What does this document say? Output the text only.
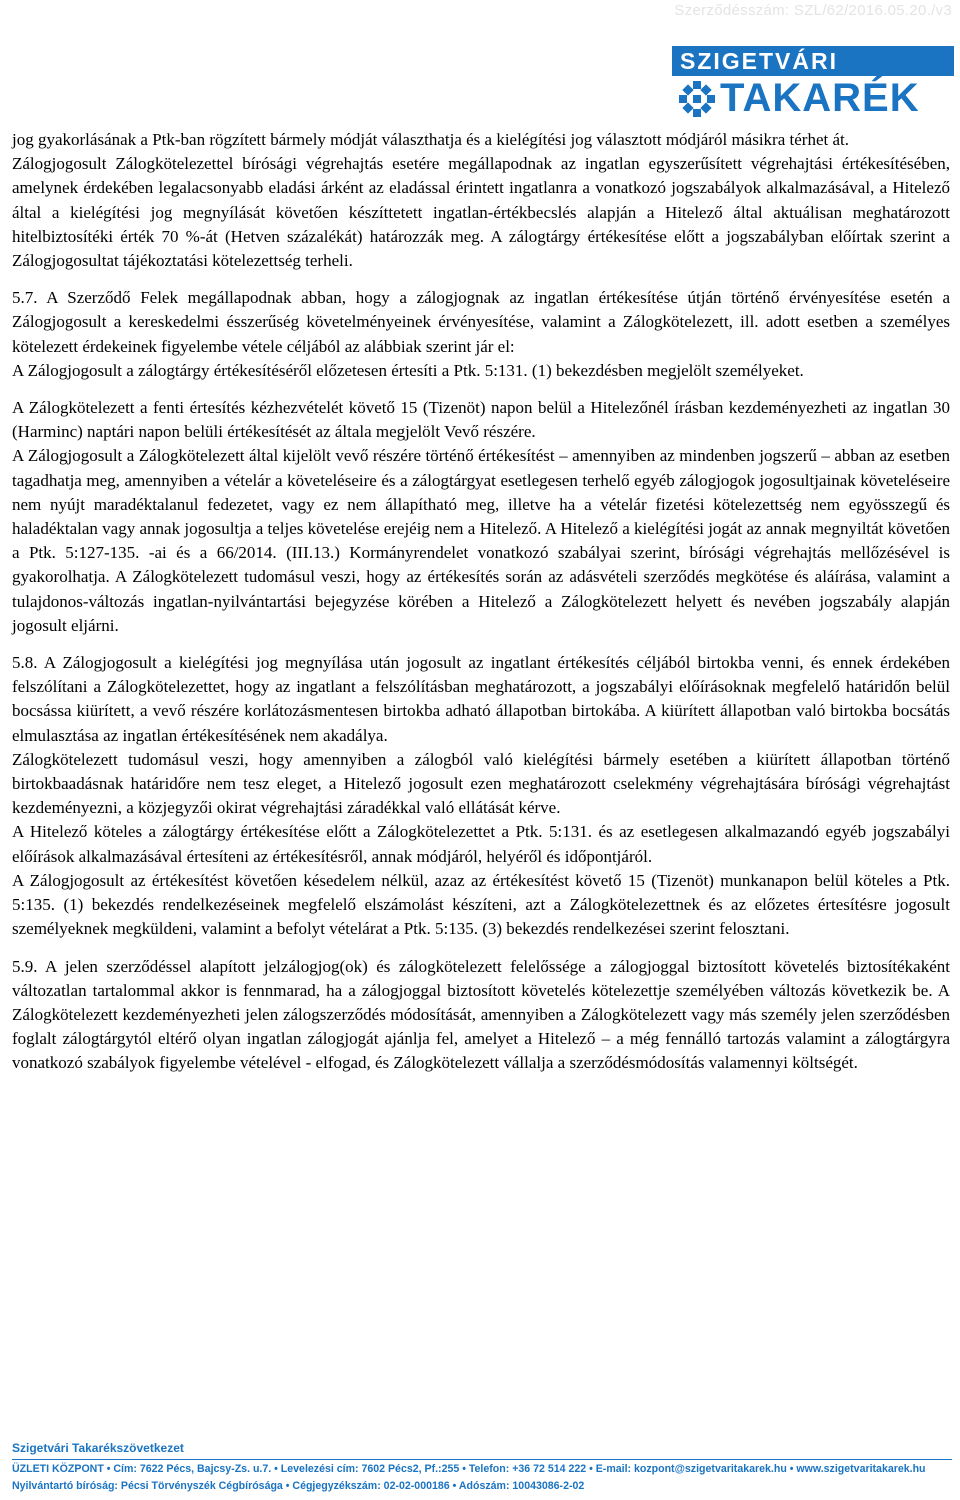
Szerződésszám: SZL/62/2016.05.20./v3
SZIGETVÁRI
TAKARÉK

jog gyakorlásának a Ptk-ban rögzített bármely módját választhatja és a kielégítési jog választott módjáról másikra térhet át.

Zálogjogosult Zálogkötelezettel bírósági végrehajtás esetére megállapodnak az ingatlan egyszerűsített végrehajtási értékesítésében, amelynek érdekében legalacsonyabb eladási árként az eladással érintett ingatlanra a vonatkozó jogszabályok alkalmazásával, a Hitelező által a kielégítési jog megnyílását követően készíttetett ingatlan-értékbecslés alapján a Hitelező által aktuálisan meghatározott hitelbiztosítéki érték 70 %-át (Hetven százalékát) határozzák meg. A zálogtárgy értékesítése előtt a jogszabályban előírtak szerint a Zálogjogosultat tájékoztatási kötelezettség terheli.

5.7. A Szerződő Felek megállapodnak abban, hogy a zálogjognak az ingatlan értékesítése útján történő érvényesítése esetén a Zálogjogosult a kereskedelmi ésszerűség követelményeinek érvényesítése, valamint a Zálogkötelezett, ill. adott esetben a személyes kötelezett érdekeinek figyelembe vétele céljából az alábbiak szerint jár el:

A Zálogjogosult a zálogtárgy értékesítéséről előzetesen értesíti a Ptk. 5:131. (1) bekezdésben megjelölt személyeket.

A Zálogkötelezett a fenti értesítés kézhezvételét követő 15 (Tizenöt) napon belül a Hitelezőnél írásban kezdeményezheti az ingatlan 30 (Harminc) naptári napon belüli értékesítését az általa megjelölt Vevő részére.

A Zálogjogosult a Zálogkötelezett által kijelölt vevő részére történő értékesítést – amennyiben az mindenben jogszerű – abban az esetben tagadhatja meg, amennyiben a vételár a követeléseire és a zálogtárgyat esetlegesen terhelő egyéb zálogjogok jogosultjainak követeléseire nem nyújt maradéktalanul fedezetet, vagy ez nem állapítható meg, illetve ha a vételár fizetési kötelezettség nem egyösszegű és haladéktalan vagy annak jogosultja a teljes követelése erejéig nem a Hitelező. A Hitelező a kielégítési jogát az annak megnyiltát követően a Ptk. 5:127-135. -ai és a 66/2014. (III.13.) Kormányrendelet vonatkozó szabályai szerint, bírósági végrehajtás mellőzésével is gyakorolhatja. A Zálogkötelezett tudomásul veszi, hogy az értékesítés során az adásvételi szerződés megkötése és aláírása, valamint a tulajdonos-változás ingatlan-nyilvántartási bejegyzése körében a Hitelező a Zálogkötelezett helyett és nevében jogszabály alapján jogosult eljárni.

5.8. A Zálogjogosult a kielégítési jog megnyílása után jogosult az ingatlant értékesítés céljából birtokba venni, és ennek érdekében felszólítani a Zálogkötelezettet, hogy az ingatlant a felszólításban meghatározott, a jogszabályi előírásoknak megfelelő határidőn belül bocsássa kiürített, a vevő részére korlátozásmentesen birtokba adható állapotban birtokába. A kiürített állapotban való birtokba bocsátás elmulasztása az ingatlan értékesítésének nem akadálya.

Zálogkötelezett tudomásul veszi, hogy amennyiben a zálogból való kielégítési bármely esetében a kiürített állapotban történő birtokbaadásnak határidőre nem tesz eleget, a Hitelező jogosult ezen meghatározott cselekmény végrehajtására bírósági végrehajtást kezdeményezni, a közjegyzői okirat végrehajtási záradékkal való ellátását kérve.

A Hitelező köteles a zálogtárgy értékesítése előtt a Zálogkötelezettet a Ptk. 5:131. és az esetlegesen alkalmazandó egyéb jogszabályi előírások alkalmazásával értesíteni az értékesítésről, annak módjáról, helyéről és időpontjáról.

A Zálogjogosult az értékesítést követően késedelem nélkül, azaz az értékesítést követő 15 (Tizenöt) munkanapon belül köteles a Ptk. 5:135. (1) bekezdés rendelkezéseinek megfelelő elszámolást készíteni, azt a Zálogkötelezettnek és az előzetes értesítésre jogosult személyeknek megküldeni, valamint a befolyt vételárat a Ptk. 5:135. (3) bekezdés rendelkezései szerint felosztani.

5.9. A jelen szerződéssel alapított jelzálogjog(ok) és zálogkötelezett felelőssége a zálogjoggal biztosított követelés biztosítékaként változatlan tartalommal akkor is fennmarad, ha a zálogjoggal biztosított követelés kötelezettje személyében változás következik be. A Zálogkötelezett kezdeményezheti jelen zálogszerződés módosítását, amennyiben a Zálogkötelezett vagy más személy jelen szerződésben foglalt zálogtárgytól eltérő olyan ingatlan zálogjogát ajánlja fel, amelyet a Hitelező – a még fennálló tartozás valamint a zálogtárgyra vonatkozó szabályok figyelembe vételével - elfogad, és Zálogkötelezett vállalja a szerződésmódosítás valamennyi költségét.

Szigetvári Takarékszövetkezet
ÜZLETI KÖZPONT • Cím: 7622 Pécs, Bajcsy-Zs. u.7. • Levelezési cím: 7602 Pécs2, Pf.:255 • Telefon: +36 72 514 222 • E-mail: kozpont@szigetvaritakarek.hu • www.szigetvaritakarek.hu
Nyilvántartó bíróság: Pécsi Törvényszék Cégbírósága • Cégjegyzékszám: 02-02-000186 • Adószám: 10043086-2-02
